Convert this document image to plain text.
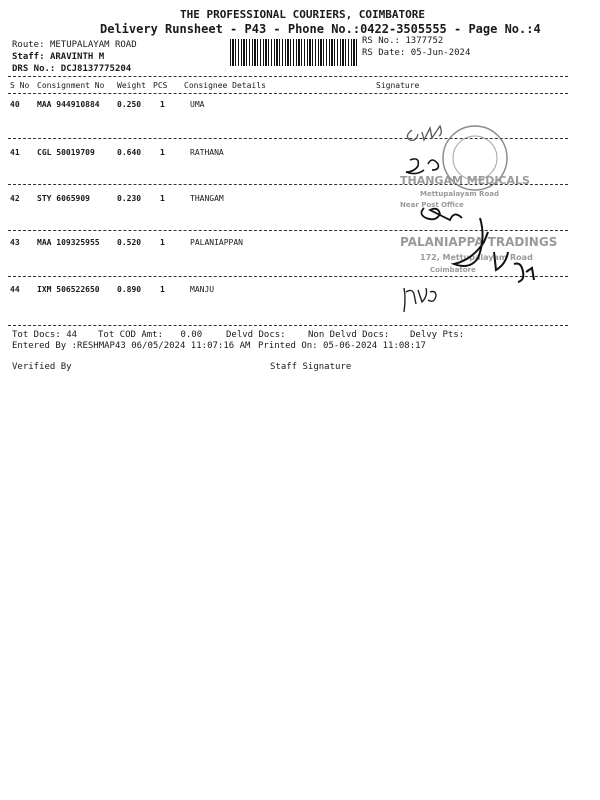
THE PROFESSIONAL COURIERS, COIMBATORE
Delivery Runsheet - P43 - Phone No.:0422-3505555 - Page No.:4
Route: METUPALAYAM ROAD
Staff: ARAVINTH M
DRS No.: DCJ8137775204
RS No.: 1377752
RS Date: 05-Jun-2024
S No Consignment No Weight PCS Consignee Details	Signature
40 MAA 944910884 0.250 1	UMA
41 CGL 50019709	0.640 1	RATHANA
42 STY 6065909	0.230 1	THANGAM
43 MAA 109325955 0.520 1	PALANIAPPAN
44 IXM 506522650 0.890 1	MANJU
THANGAM MEDICALS
Mettupalayam Road
Near Post Office
PALANIAPPA TRADINGS
172, Mettupalayam Road
Coimbatore
Tot Docs: 44 Tot COD Amt: 0.00	Delvd Docs: Non Delvd Docs: Delvy Pts:
Entered By :RESHMAP43 06/05/2024 11:07:16 AM Printed On: 05-06-2024 11:08:17
Verified By	Staff Signature
